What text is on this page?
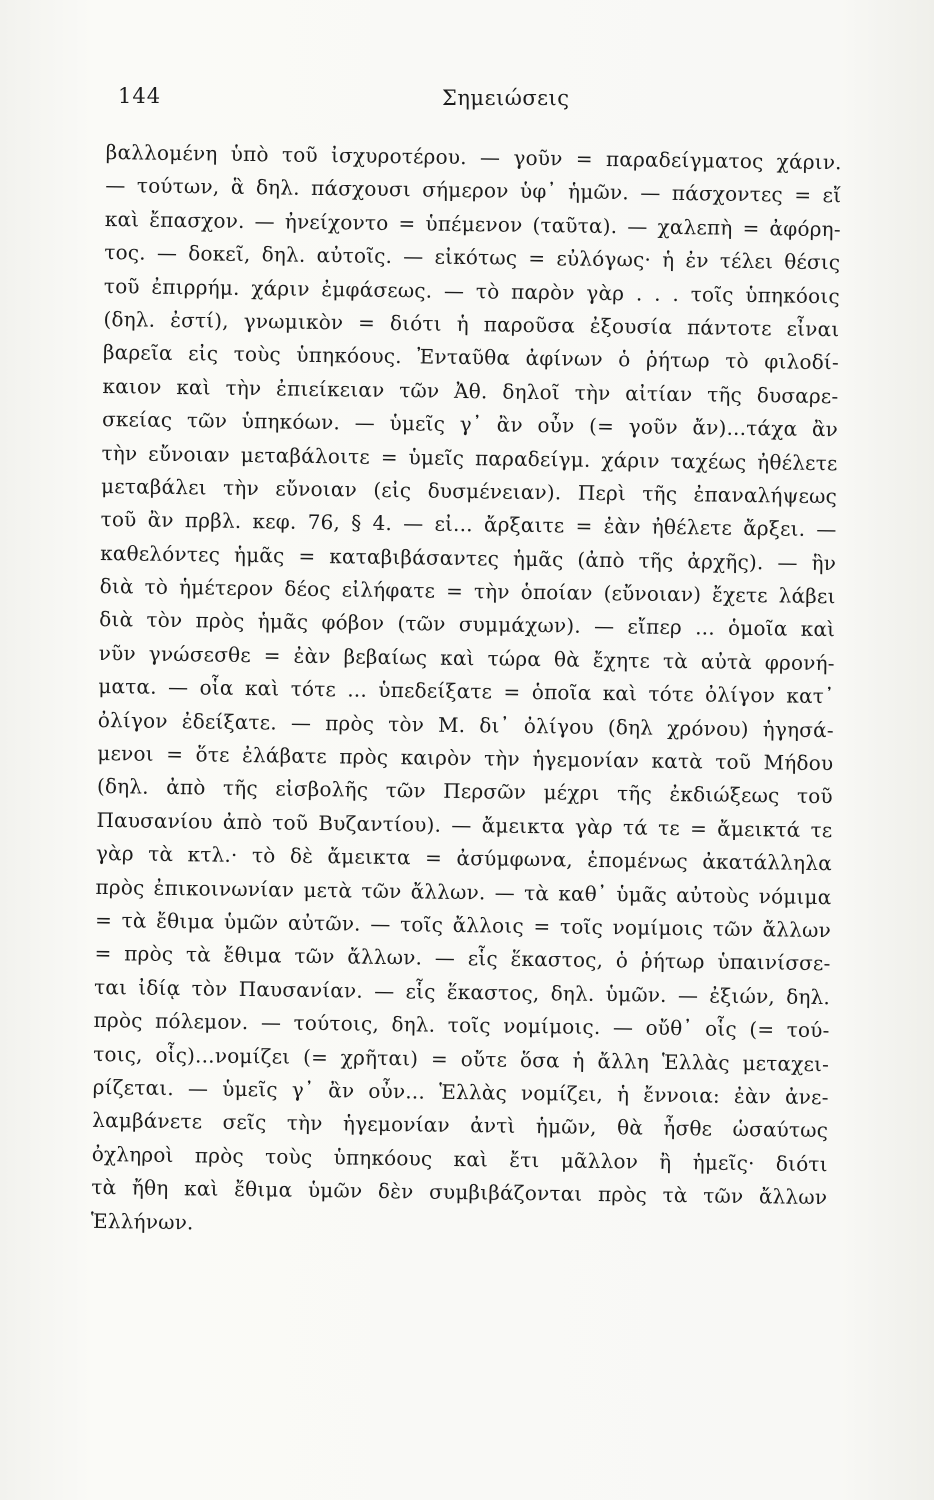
144	Σημειώσεις
βαλλομένη ὑπὸ τοῦ ἰσχυροτέρου. — γοῦν = παραδείγματος χάριν.
— τούτων, ἃ δηλ. πάσχουσι σήμερον ὑφ᾽ ἡμῶν. — πάσχοντες = εἴ
καὶ ἔπασχον. — ἠνείχοντο = ὑπέμενον (ταῦτα). — χαλεπὴ = ἀφόρη-
τος. — δοκεῖ, δηλ. αὐτοῖς. — εἰκότως = εὐλόγως· ἡ ἐν τέλει θέσις
τοῦ ἐπιρρήμ. χάριν ἐμφάσεως. — τὸ παρὸν γὰρ . . . τοῖς ὑπηκόοις
(δηλ. ἐστί), γνωμικὸν = διότι ἡ παροῦσα ἐξουσία πάντοτε εἶναι
βαρεῖα εἰς τοὺς ὑπηκόους. Ἐνταῦθα ἀφίνων ὁ ῥήτωρ τὸ φιλοδί-
καιον καὶ τὴν ἐπιείκειαν τῶν Ἀθ. δηλοῖ τὴν αἰτίαν τῆς δυσαρε-
σκείας τῶν ὑπηκόων. — ὑμεῖς γ᾽ ἂν οὖν (= γοῦν ἄν)...τάχα ἂν
τὴν εὔνοιαν μεταβάλοιτε = ὑμεῖς παραδείγμ. χάριν ταχέως ἠθέλετε
μεταβάλει τὴν εὔνοιαν (εἰς δυσμένειαν). Περὶ τῆς ἐπαναλήψεως
τοῦ ἂν πρβλ. κεφ. 76, § 4. — εἰ... ἄρξαιτε = ἐὰν ἠθέλετε ἄρξει. —
καθελόντες ἡμᾶς = καταβιβάσαντες ἡμᾶς (ἀπὸ τῆς ἀρχῆς). — ἣν
διὰ τὸ ἡμέτερον δέος εἰλήφατε = τὴν ὁποίαν (εὔνοιαν) ἔχετε λάβει
διὰ τὸν πρὸς ἡμᾶς φόβον (τῶν συμμάχων). — εἴπερ ... ὁμοῖα καὶ
νῦν γνώσεσθε = ἐὰν βεβαίως καὶ τώρα θὰ ἔχητε τὰ αὐτὰ φρονή-
ματα. — οἷα καὶ τότε ... ὑπεδείξατε = ὁποῖα καὶ τότε ὀλίγον κατ᾽
ὀλίγον ἐδείξατε. — πρὸς τὸν Μ. δι᾽ ὀλίγου (δηλ χρόνου) ἡγησά-
μενοι = ὅτε ἐλάβατε πρὸς καιρὸν τὴν ἡγεμονίαν κατὰ τοῦ Μήδου
(δηλ. ἀπὸ τῆς εἰσβολῆς τῶν Περσῶν μέχρι τῆς ἐκδιώξεως τοῦ
Παυσανίου ἀπὸ τοῦ Βυζαντίου). — ἄμεικτα γὰρ τά τε = ἄμεικτά τε
γὰρ τὰ κτλ.· τὸ δὲ ἄμεικτα = ἀσύμφωνα, ἑπομένως ἀκατάλληλα
πρὸς ἐπικοινωνίαν μετὰ τῶν ἄλλων. — τὰ καθ᾽ ὑμᾶς αὐτοὺς νόμιμα
= τὰ ἔθιμα ὑμῶν αὐτῶν. — τοῖς ἄλλοις = τοῖς νομίμοις τῶν ἄλλων
= πρὸς τὰ ἔθιμα τῶν ἄλλων. — εἷς ἕκαστος, ὁ ῥήτωρ ὑπαινίσσε-
ται ἰδίᾳ τὸν Παυσανίαν. — εἷς ἕκαστος, δηλ. ὑμῶν. — ἐξιών, δηλ.
πρὸς πόλεμον. — τούτοις, δηλ. τοῖς νομίμοις. — οὔθ᾽ οἷς (= τού-
τοις, οἷς)...νομίζει (= χρῆται) = οὔτε ὅσα ἡ ἄλλη Ἑλλὰς μεταχει-
ρίζεται. — ὑμεῖς γ᾽ ἂν οὖν... Ἑλλὰς νομίζει, ἡ ἔννοια: ἐὰν ἀνε-
λαμβάνετε σεῖς τὴν ἡγεμονίαν ἀντὶ ἡμῶν, θὰ ἦσθε ὡσαύτως
ὀχληροὶ πρὸς τοὺς ὑπηκόους καὶ ἔτι μᾶλλον ἢ ἡμεῖς· διότι
τὰ ἤθη καὶ ἔθιμα ὑμῶν δὲν συμβιβάζονται πρὸς τὰ τῶν ἄλλων
Ἑλλήνων.
